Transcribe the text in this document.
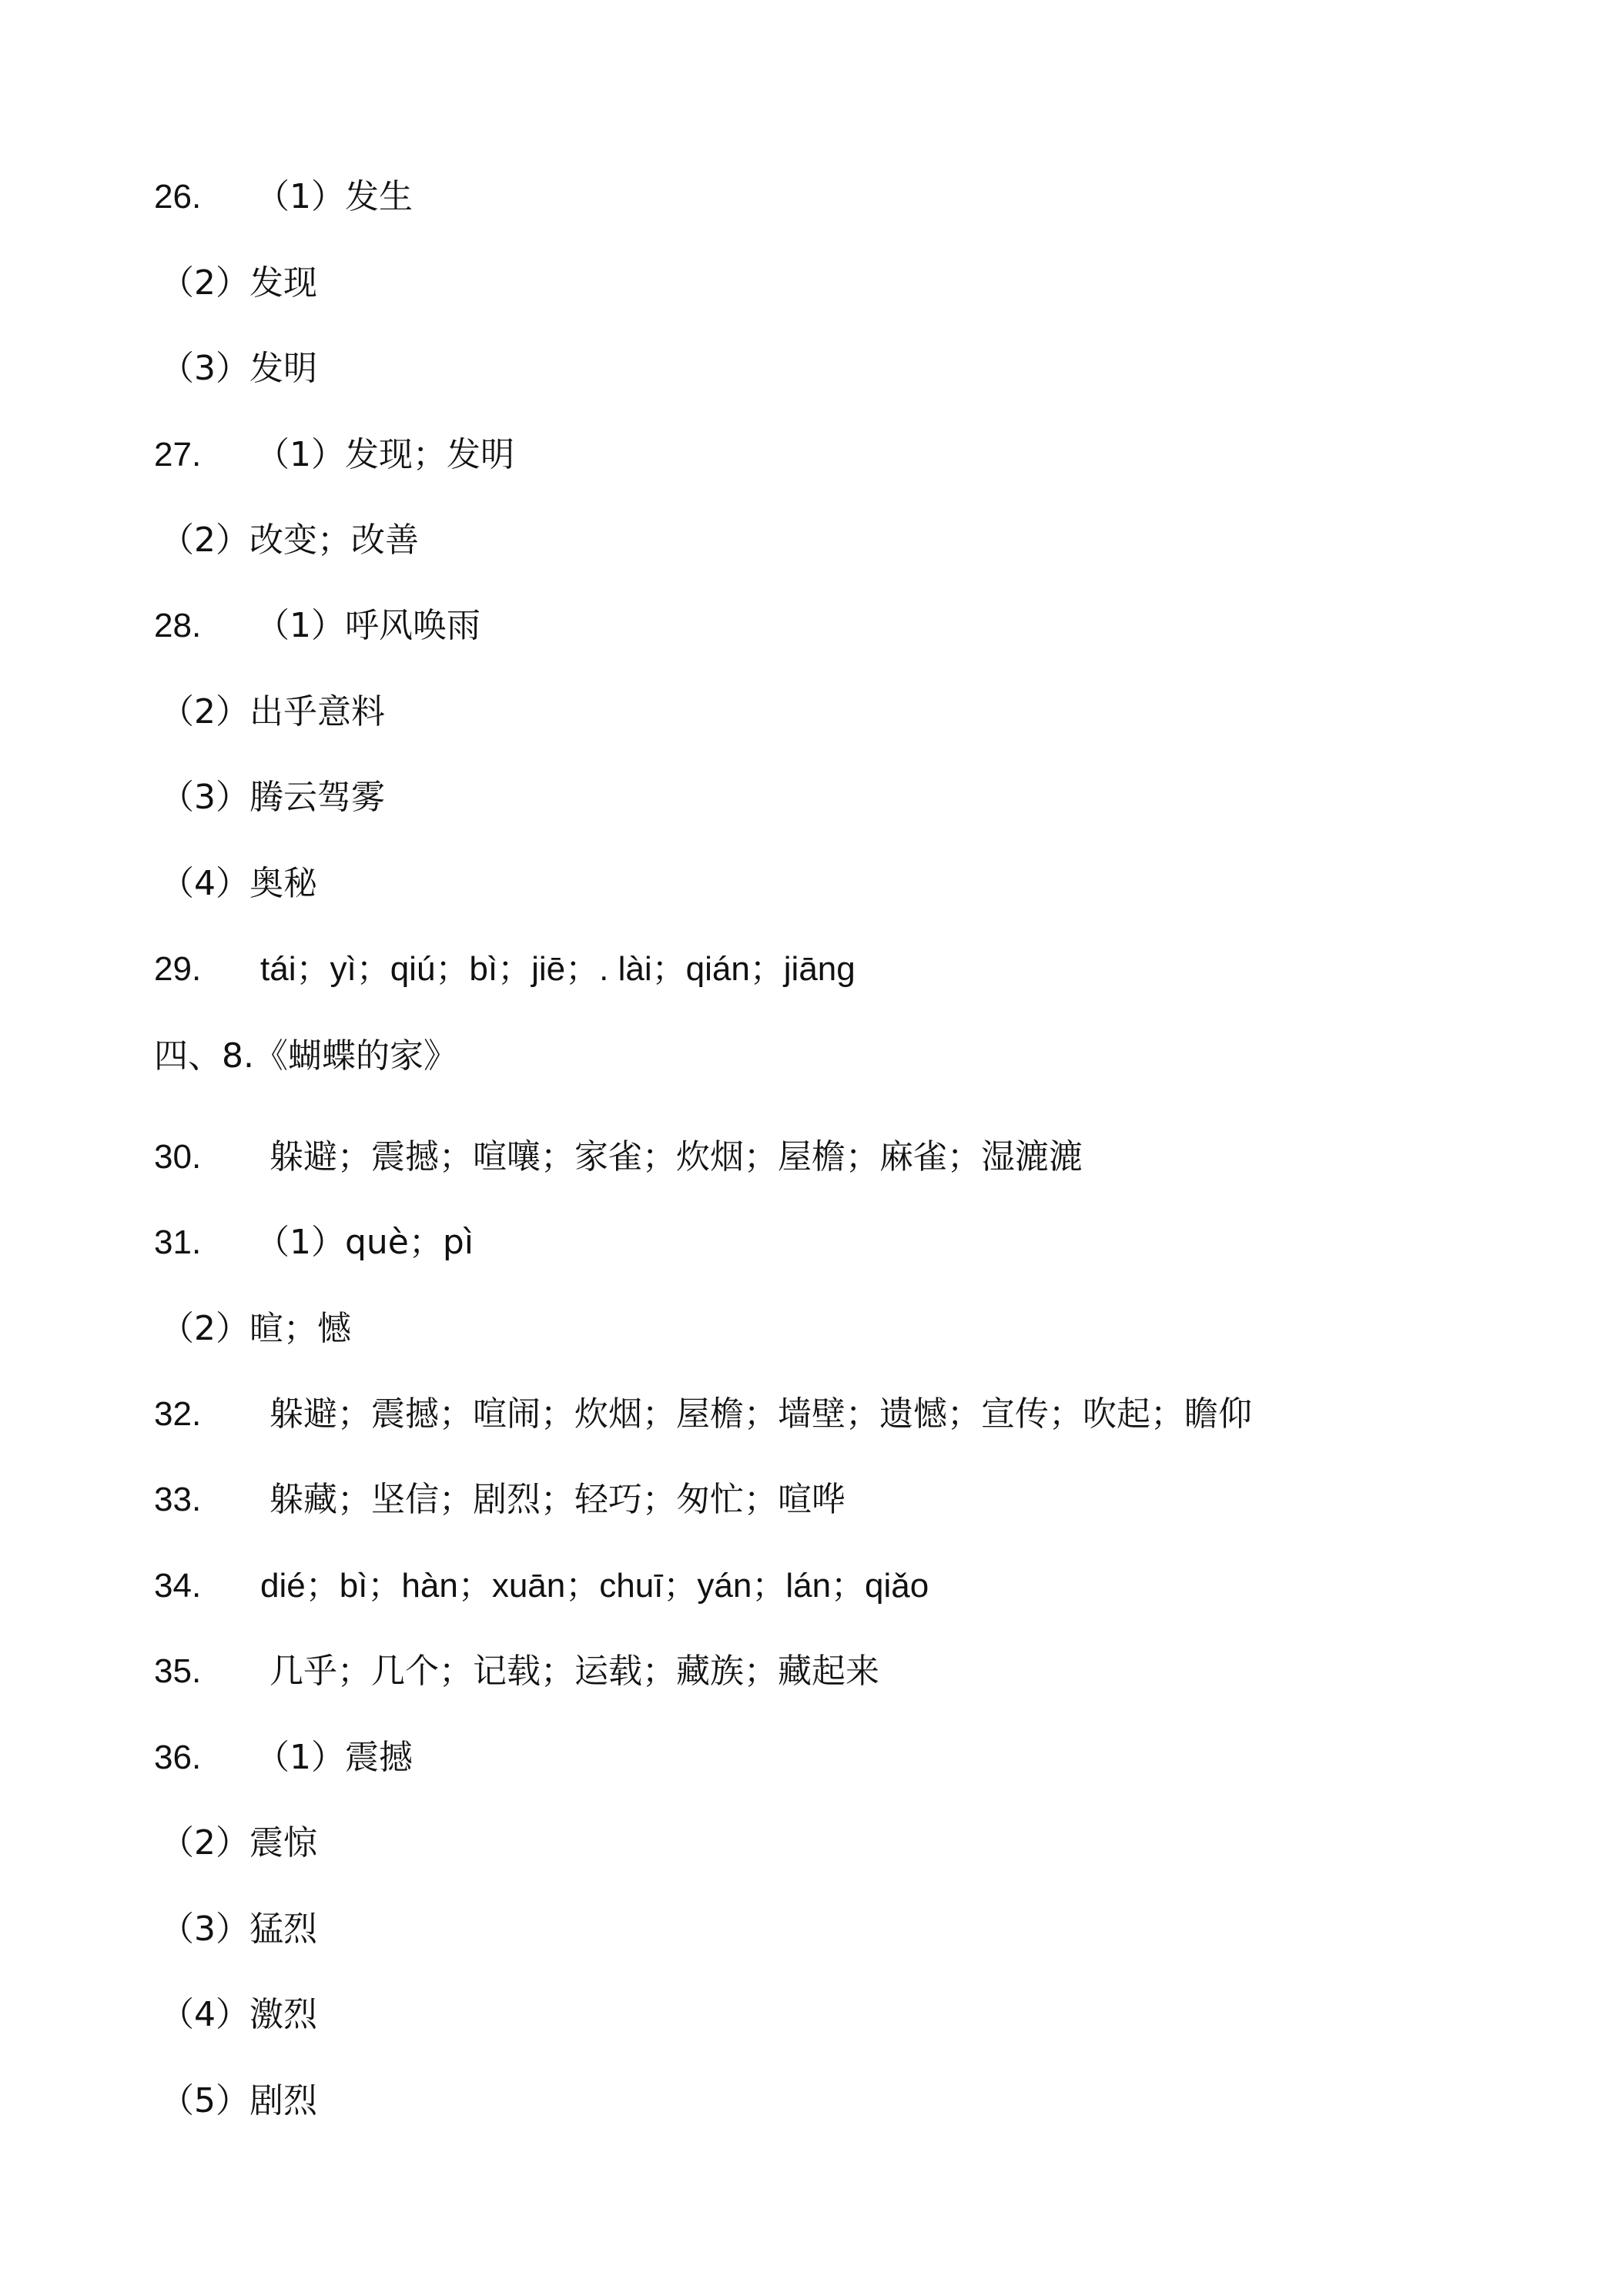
26. （1）发生
（2）发现
（3）发明
27. （1）发现；发明
（2）改变；改善
28. （1）呼风唤雨
（2）出乎意料
（3）腾云驾雾
（4）奥秘
29. tái；yì；qiú；bì；jiē；. lài；qián；jiāng
四、8.《蝴蝶的家》
30. 躲避；震撼；喧嚷；家雀；炊烟；屋檐；麻雀；湿漉漉
31. （1）què；pì
（2）暄；憾
32. 躲避；震撼；喧闹；炊烟；屋檐；墙壁；遗憾；宣传；吹起；瞻仰
33. 躲藏；坚信；剧烈；轻巧；匆忙；喧哗
34. dié；bì；hàn；xuān；chuī；yán；lán；qiǎo
35. 几乎；几个；记载；运载；藏族；藏起来
36. （1）震撼
（2）震惊
（3）猛烈
（4）激烈
（5）剧烈
